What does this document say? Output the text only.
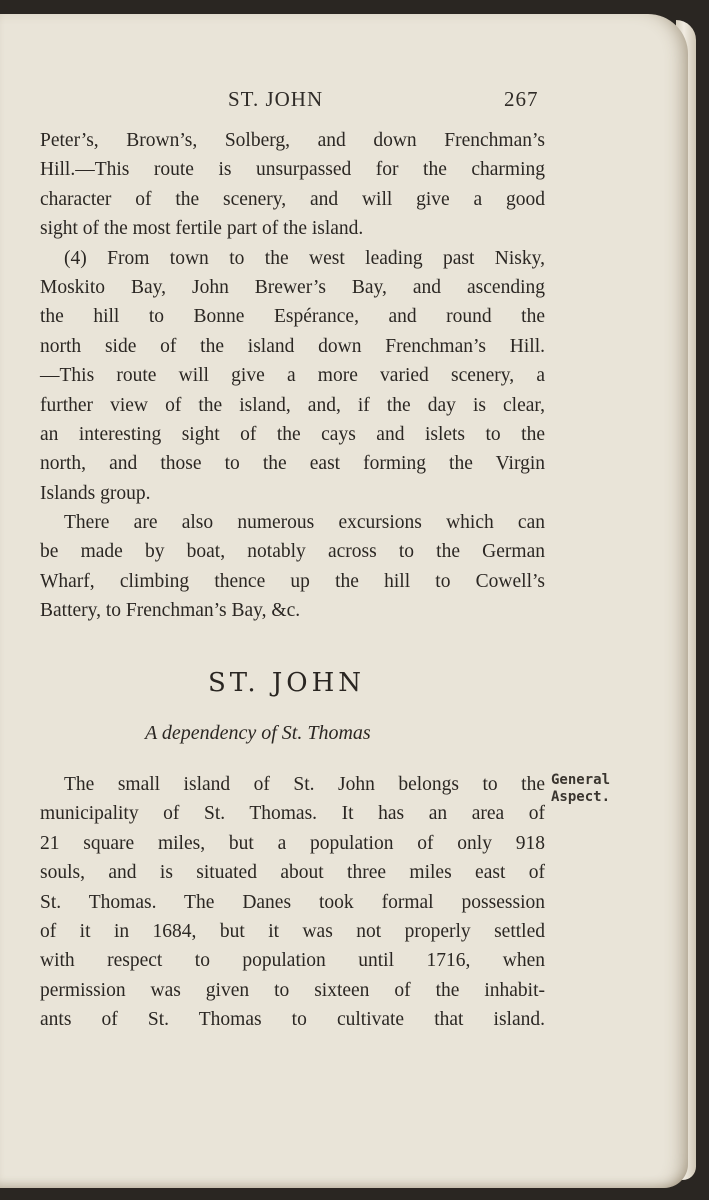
ST. JOHN	267
Peter’s, Brown’s, Solberg, and down Frenchman’s
Hill.—This route is unsurpassed for the charming
character of the scenery, and will give a good
sight of the most fertile part of the island.
(4) From town to the west leading past Nisky,
Moskito Bay, John Brewer’s Bay, and ascending
the hill to Bonne Espérance, and round the
north side of the island down Frenchman’s Hill.
—This route will give a more varied scenery, a
further view of the island, and, if the day is clear,
an interesting sight of the cays and islets to the
north, and those to the east forming the Virgin
Islands group.
There are also numerous excursions which can
be made by boat, notably across to the German
Wharf, climbing thence up the hill to Cowell’s
Battery, to Frenchman’s Bay, &c.
ST. JOHN
A dependency of St. Thomas
The small island of St. John belongs to the
municipality of St. Thomas. It has an area of
21 square miles, but a population of only 918
souls, and is situated about three miles east of
St. Thomas. The Danes took formal possession
of it in 1684, but it was not properly settled
with respect to population until 1716, when
permission was given to sixteen of the inhabit-
ants of St. Thomas to cultivate that island.
General
Aspect.
